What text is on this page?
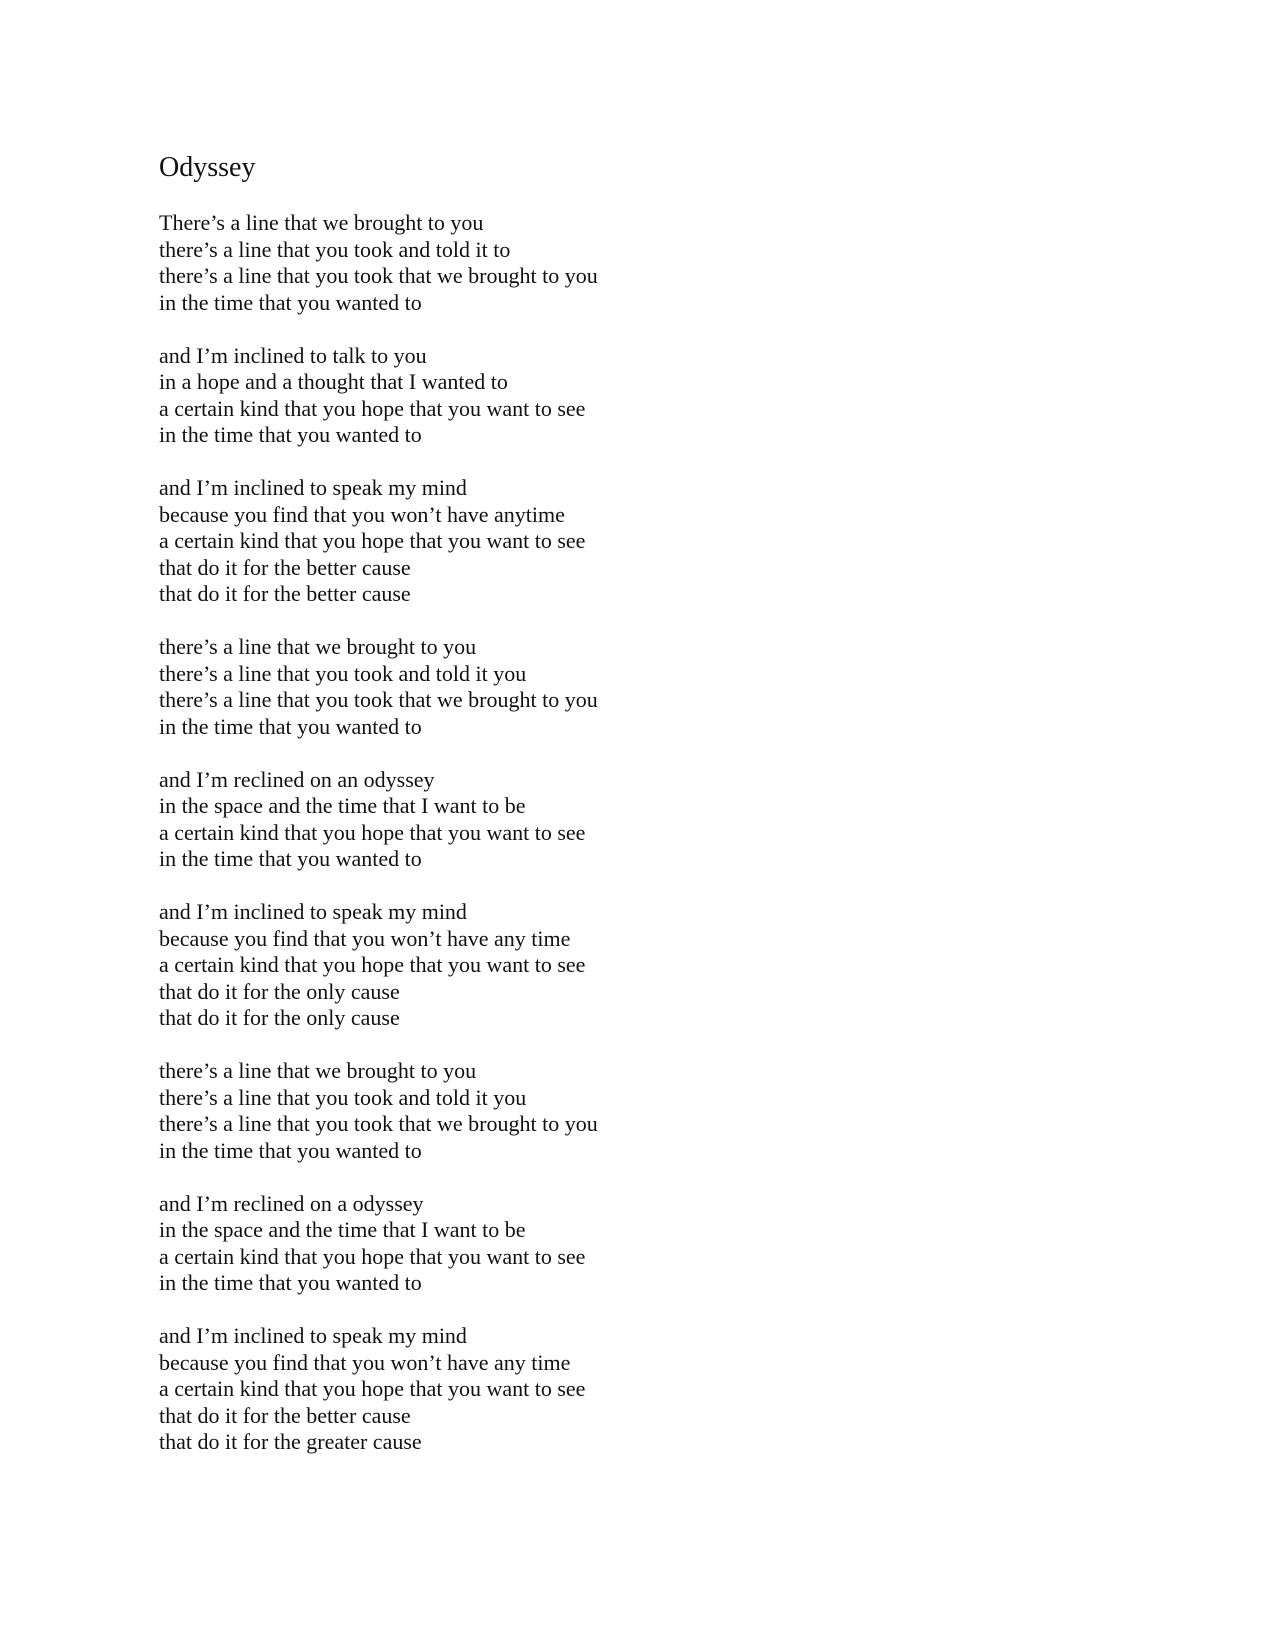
Odyssey
There’s a line that we brought to you
there’s a line that you took and told it to
there’s a line that you took that we brought to you
in the time that you wanted to
and I’m inclined to talk to you
in a hope and a thought that I wanted to
a certain kind that you hope that you want to see
in the time that you wanted to
and I’m inclined to speak my mind
because you find that you won’t have anytime
a certain kind that you hope that you want to see
that do it for the better cause
that do it for the better cause
there’s a line that we brought to you
there’s a line that you took and told it you
there’s a line that you took that we brought to you
in the time that you wanted to
and I’m reclined on an odyssey
in the space and the time that I want to be
a certain kind that you hope that you want to see
in the time that you wanted to
and I’m inclined to speak my mind
because you find that you won’t have any time
a certain kind that you hope that you want to see
that do it for the only cause
that do it for the only cause
there’s a line that we brought to you
there’s a line that you took and told it you
there’s a line that you took that we brought to you
in the time that you wanted to
and I’m reclined on a odyssey
in the space and the time that I want to be
a certain kind that you hope that you want to see
in the time that you wanted to
and I’m inclined to speak my mind
because you find that you won’t have any time
a certain kind that you hope that you want to see
that do it for the better cause
that do it for the greater cause
